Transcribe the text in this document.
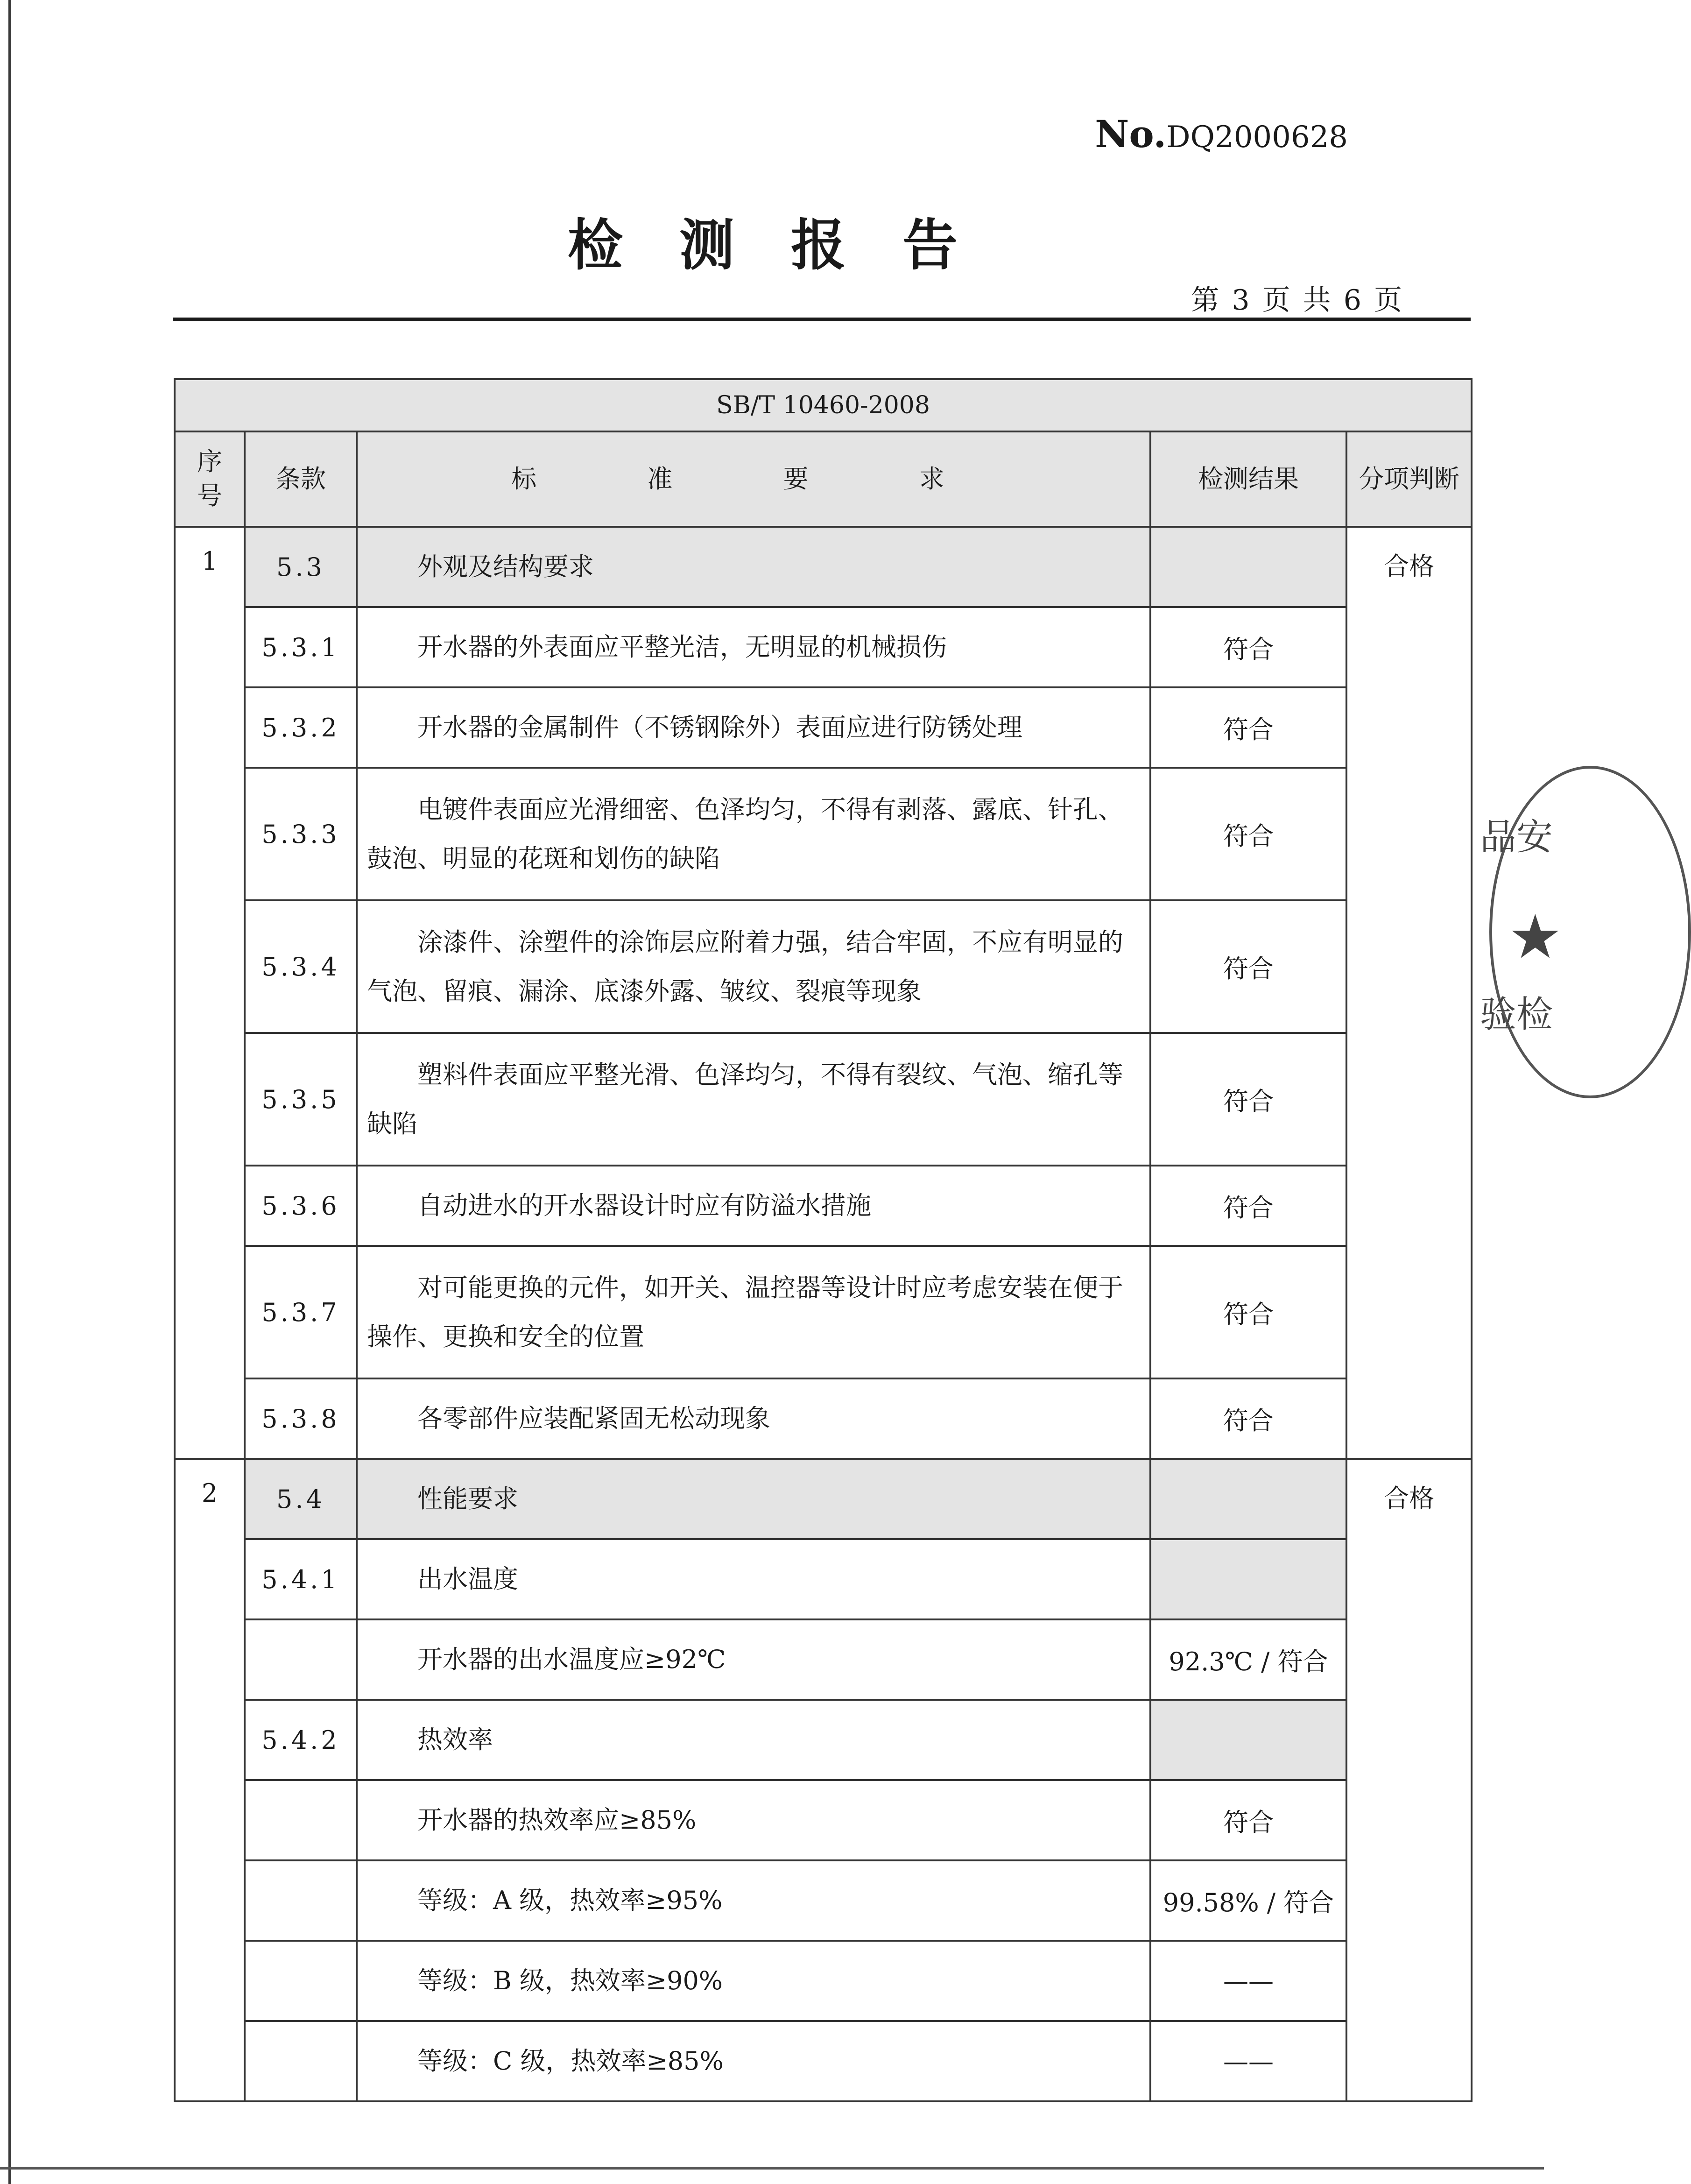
No.DQ2000628
检 测 报 告
第 3 页 共 6 页
SB/T 10460-2008				
序号	条款	标 准 要 求	检测结果	分项判断
1	5.3	外观及结构要求		合格
	5.3.1	开水器的外表面应平整光洁，无明显的机械损伤	符合	
	5.3.2	开水器的金属制件（不锈钢除外）表面应进行防锈处理	符合	
	5.3.3	电镀件表面应光滑细密、色泽均匀，不得有剥落、露底、针孔、鼓泡、明显的花斑和划伤的缺陷	符合	
	5.3.4	涂漆件、涂塑件的涂饰层应附着力强，结合牢固，不应有明显的气泡、留痕、漏涂、底漆外露、皱纹、裂痕等现象	符合	
	5.3.5	塑料件表面应平整光滑、色泽均匀，不得有裂纹、气泡、缩孔等缺陷	符合	
	5.3.6	自动进水的开水器设计时应有防溢水措施	符合	
	5.3.7	对可能更换的元件，如开关、温控器等设计时应考虑安装在便于操作、更换和安全的位置	符合	
	5.3.8	各零部件应装配紧固无松动现象	符合	
2	5.4	性能要求		合格
	5.4.1	出水温度		
		开水器的出水温度应≥92℃	92.3℃ / 符合	
	5.4.2	热效率		
		开水器的热效率应≥85%	符合	
		等级：A 级，热效率≥95%	99.58% / 符合	
		等级：B 级，热效率≥90%	——	
		等级：C 级，热效率≥85%	——	
品安
★
验检
